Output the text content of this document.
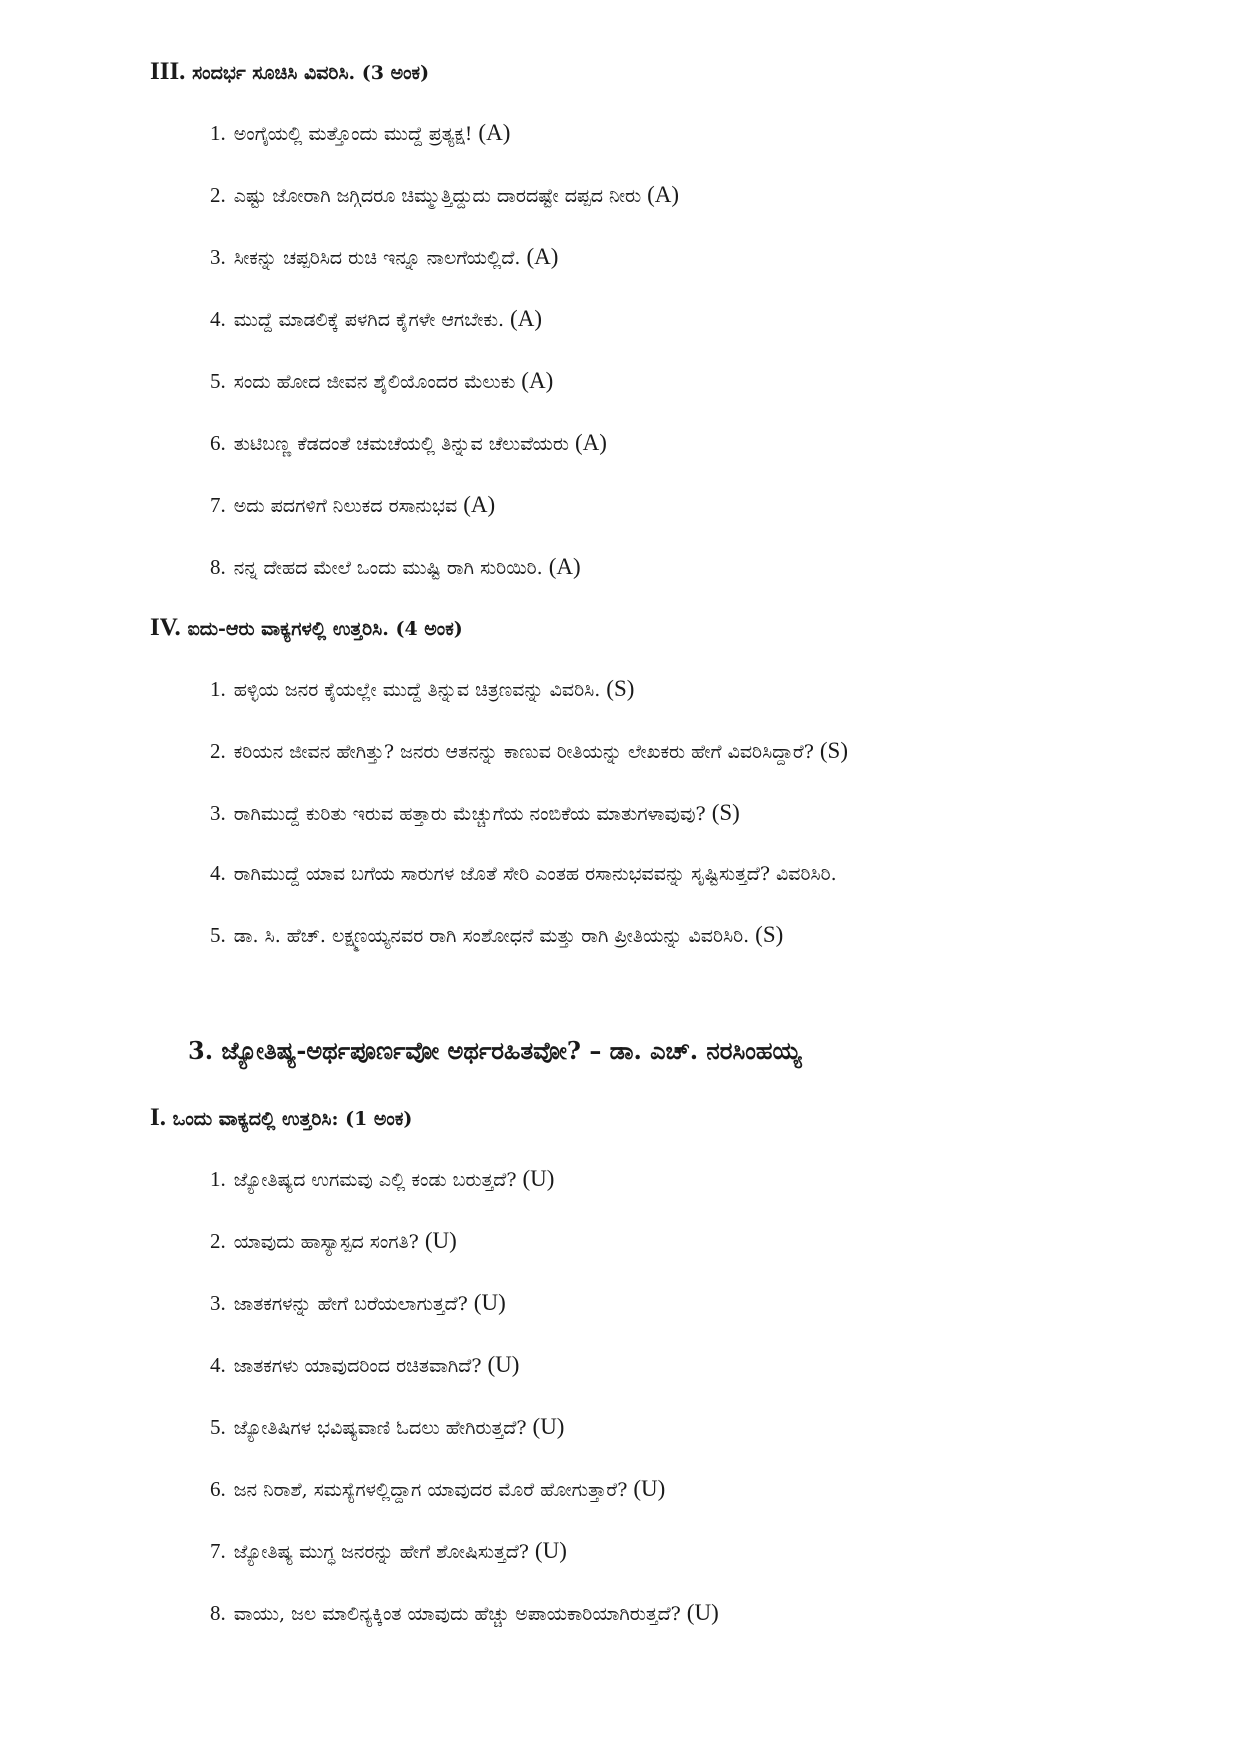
III. ಸಂದರ್ಭ ಸೂಚಿಸಿ ವಿವರಿಸಿ. (3 ಅಂಕ)
1. ಅಂಗೈಯಲ್ಲಿ ಮತ್ತೊಂದು ಮುದ್ದೆ ಪ್ರತ್ಯಕ್ಷ! (A)
2. ಎಷ್ಟು ಜೋರಾಗಿ ಜಗ್ಗಿದರೂ ಚಿಮ್ಮುತ್ತಿದ್ದುದು ದಾರದಷ್ಟೇ ದಪ್ಪದ ನೀರು (A)
3. ಸೀಕನ್ನು ಚಪ್ಪರಿಸಿದ ರುಚಿ ಇನ್ನೂ ನಾಲಗೆಯಲ್ಲಿದೆ. (A)
4. ಮುದ್ದೆ ಮಾಡಲಿಕ್ಕೆ ಪಳಗಿದ ಕೈಗಳೇ ಆಗಬೇಕು. (A)
5. ಸಂದು ಹೋದ ಜೀವನ ಶೈಲಿಯೊಂದರ ಮೆಲುಕು (A)
6. ತುಟಿಬಣ್ಣ ಕೆಡದಂತೆ ಚಮಚೆಯಲ್ಲಿ ತಿನ್ನುವ ಚೆಲುವೆಯರು (A)
7. ಅದು ಪದಗಳಿಗೆ ನಿಲುಕದ ರಸಾನುಭವ (A)
8. ನನ್ನ ದೇಹದ ಮೇಲೆ ಒಂದು ಮುಷ್ಟಿ ರಾಗಿ ಸುರಿಯಿರಿ. (A)
IV. ಐದು-ಆರು ವಾಕ್ಯಗಳಲ್ಲಿ ಉತ್ತರಿಸಿ. (4 ಅಂಕ)
1. ಹಳ್ಳಿಯ ಜನರ ಕೈಯಲ್ಲೇ ಮುದ್ದೆ ತಿನ್ನುವ ಚಿತ್ರಣವನ್ನು ವಿವರಿಸಿ. (S)
2. ಕರಿಯನ ಜೀವನ ಹೇಗಿತ್ತು? ಜನರು ಆತನನ್ನು ಕಾಣುವ ರೀತಿಯನ್ನು ಲೇಖಕರು ಹೇಗೆ ವಿವರಿಸಿದ್ದಾರೆ? (S)
3. ರಾಗಿಮುದ್ದೆ ಕುರಿತು ಇರುವ ಹತ್ತಾರು ಮೆಚ್ಚುಗೆಯ ನಂಬಿಕೆಯ ಮಾತುಗಳಾವುವು? (S)
4. ರಾಗಿಮುದ್ದೆ ಯಾವ ಬಗೆಯ ಸಾರುಗಳ ಜೊತೆ ಸೇರಿ ಎಂತಹ ರಸಾನುಭವವನ್ನು ಸೃಷ್ಟಿಸುತ್ತದೆ? ವಿವರಿಸಿರಿ.
5. ಡಾ. ಸಿ. ಹೆಚ್. ಲಕ್ಷ್ಮಣಯ್ಯನವರ ರಾಗಿ ಸಂಶೋಧನೆ ಮತ್ತು ರಾಗಿ ಪ್ರೀತಿಯನ್ನು ವಿವರಿಸಿರಿ. (S)
3. ಜ್ಯೋತಿಷ್ಯ-ಅರ್ಥಪೂರ್ಣವೋ ಅರ್ಥರಹಿತವೋ? – ಡಾ. ಎಚ್. ನರಸಿಂಹಯ್ಯ
I. ಒಂದು ವಾಕ್ಯದಲ್ಲಿ ಉತ್ತರಿಸಿ: (1 ಅಂಕ)
1. ಜ್ಯೋತಿಷ್ಯದ ಉಗಮವು ಎಲ್ಲಿ ಕಂಡು ಬರುತ್ತದೆ? (U)
2. ಯಾವುದು ಹಾಸ್ಯಾಸ್ಪದ ಸಂಗತಿ? (U)
3. ಜಾತಕಗಳನ್ನು ಹೇಗೆ ಬರೆಯಲಾಗುತ್ತದೆ? (U)
4. ಜಾತಕಗಳು ಯಾವುದರಿಂದ ರಚಿತವಾಗಿದೆ? (U)
5. ಜ್ಯೋತಿಷಿಗಳ ಭವಿಷ್ಯವಾಣಿ ಓದಲು ಹೇಗಿರುತ್ತದೆ? (U)
6. ಜನ ನಿರಾಶೆ, ಸಮಸ್ಯೆಗಳಲ್ಲಿದ್ದಾಗ ಯಾವುದರ ಮೊರೆ ಹೋಗುತ್ತಾರೆ? (U)
7. ಜ್ಯೋತಿಷ್ಯ ಮುಗ್ಧ ಜನರನ್ನು ಹೇಗೆ ಶೋಷಿಸುತ್ತದೆ? (U)
8. ವಾಯು, ಜಲ ಮಾಲಿನ್ಯಕ್ಕಿಂತ ಯಾವುದು ಹೆಚ್ಚು ಅಪಾಯಕಾರಿಯಾಗಿರುತ್ತದೆ? (U)
